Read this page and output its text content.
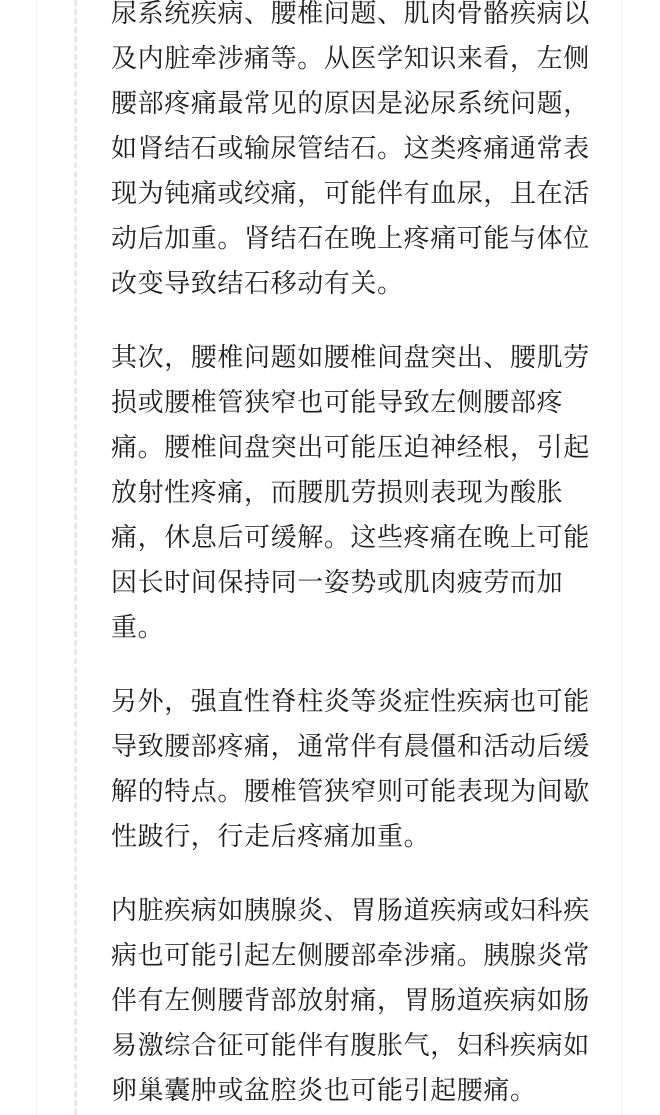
尿系统疾病、腰椎问题、肌肉骨骼疾病以及内脏牵涉痛等。从医学知识来看，左侧腰部疼痛最常见的原因是泌尿系统问题，如肾结石或输尿管结石。这类疼痛通常表现为钝痛或绞痛，可能伴有血尿，且在活动后加重。肾结石在晚上疼痛可能与体位改变导致结石移动有关。

其次，腰椎问题如腰椎间盘突出、腰肌劳损或腰椎管狭窄也可能导致左侧腰部疼痛。腰椎间盘突出可能压迫神经根，引起放射性疼痛，而腰肌劳损则表现为酸胀痛，休息后可缓解。这些疼痛在晚上可能因长时间保持同一姿势或肌肉疲劳而加重。

另外，强直性脊柱炎等炎症性疾病也可能导致腰部疼痛，通常伴有晨僵和活动后缓解的特点。腰椎管狭窄则可能表现为间歇性跛行，行走后疼痛加重。

内脏疾病如胰腺炎、胃肠道疾病或妇科疾病也可能引起左侧腰部牵涉痛。胰腺炎常伴有左侧腰背部放射痛，胃肠道疾病如肠易激综合征可能伴有腹胀气，妇科疾病如卵巢囊肿或盆腔炎也可能引起腰痛。
